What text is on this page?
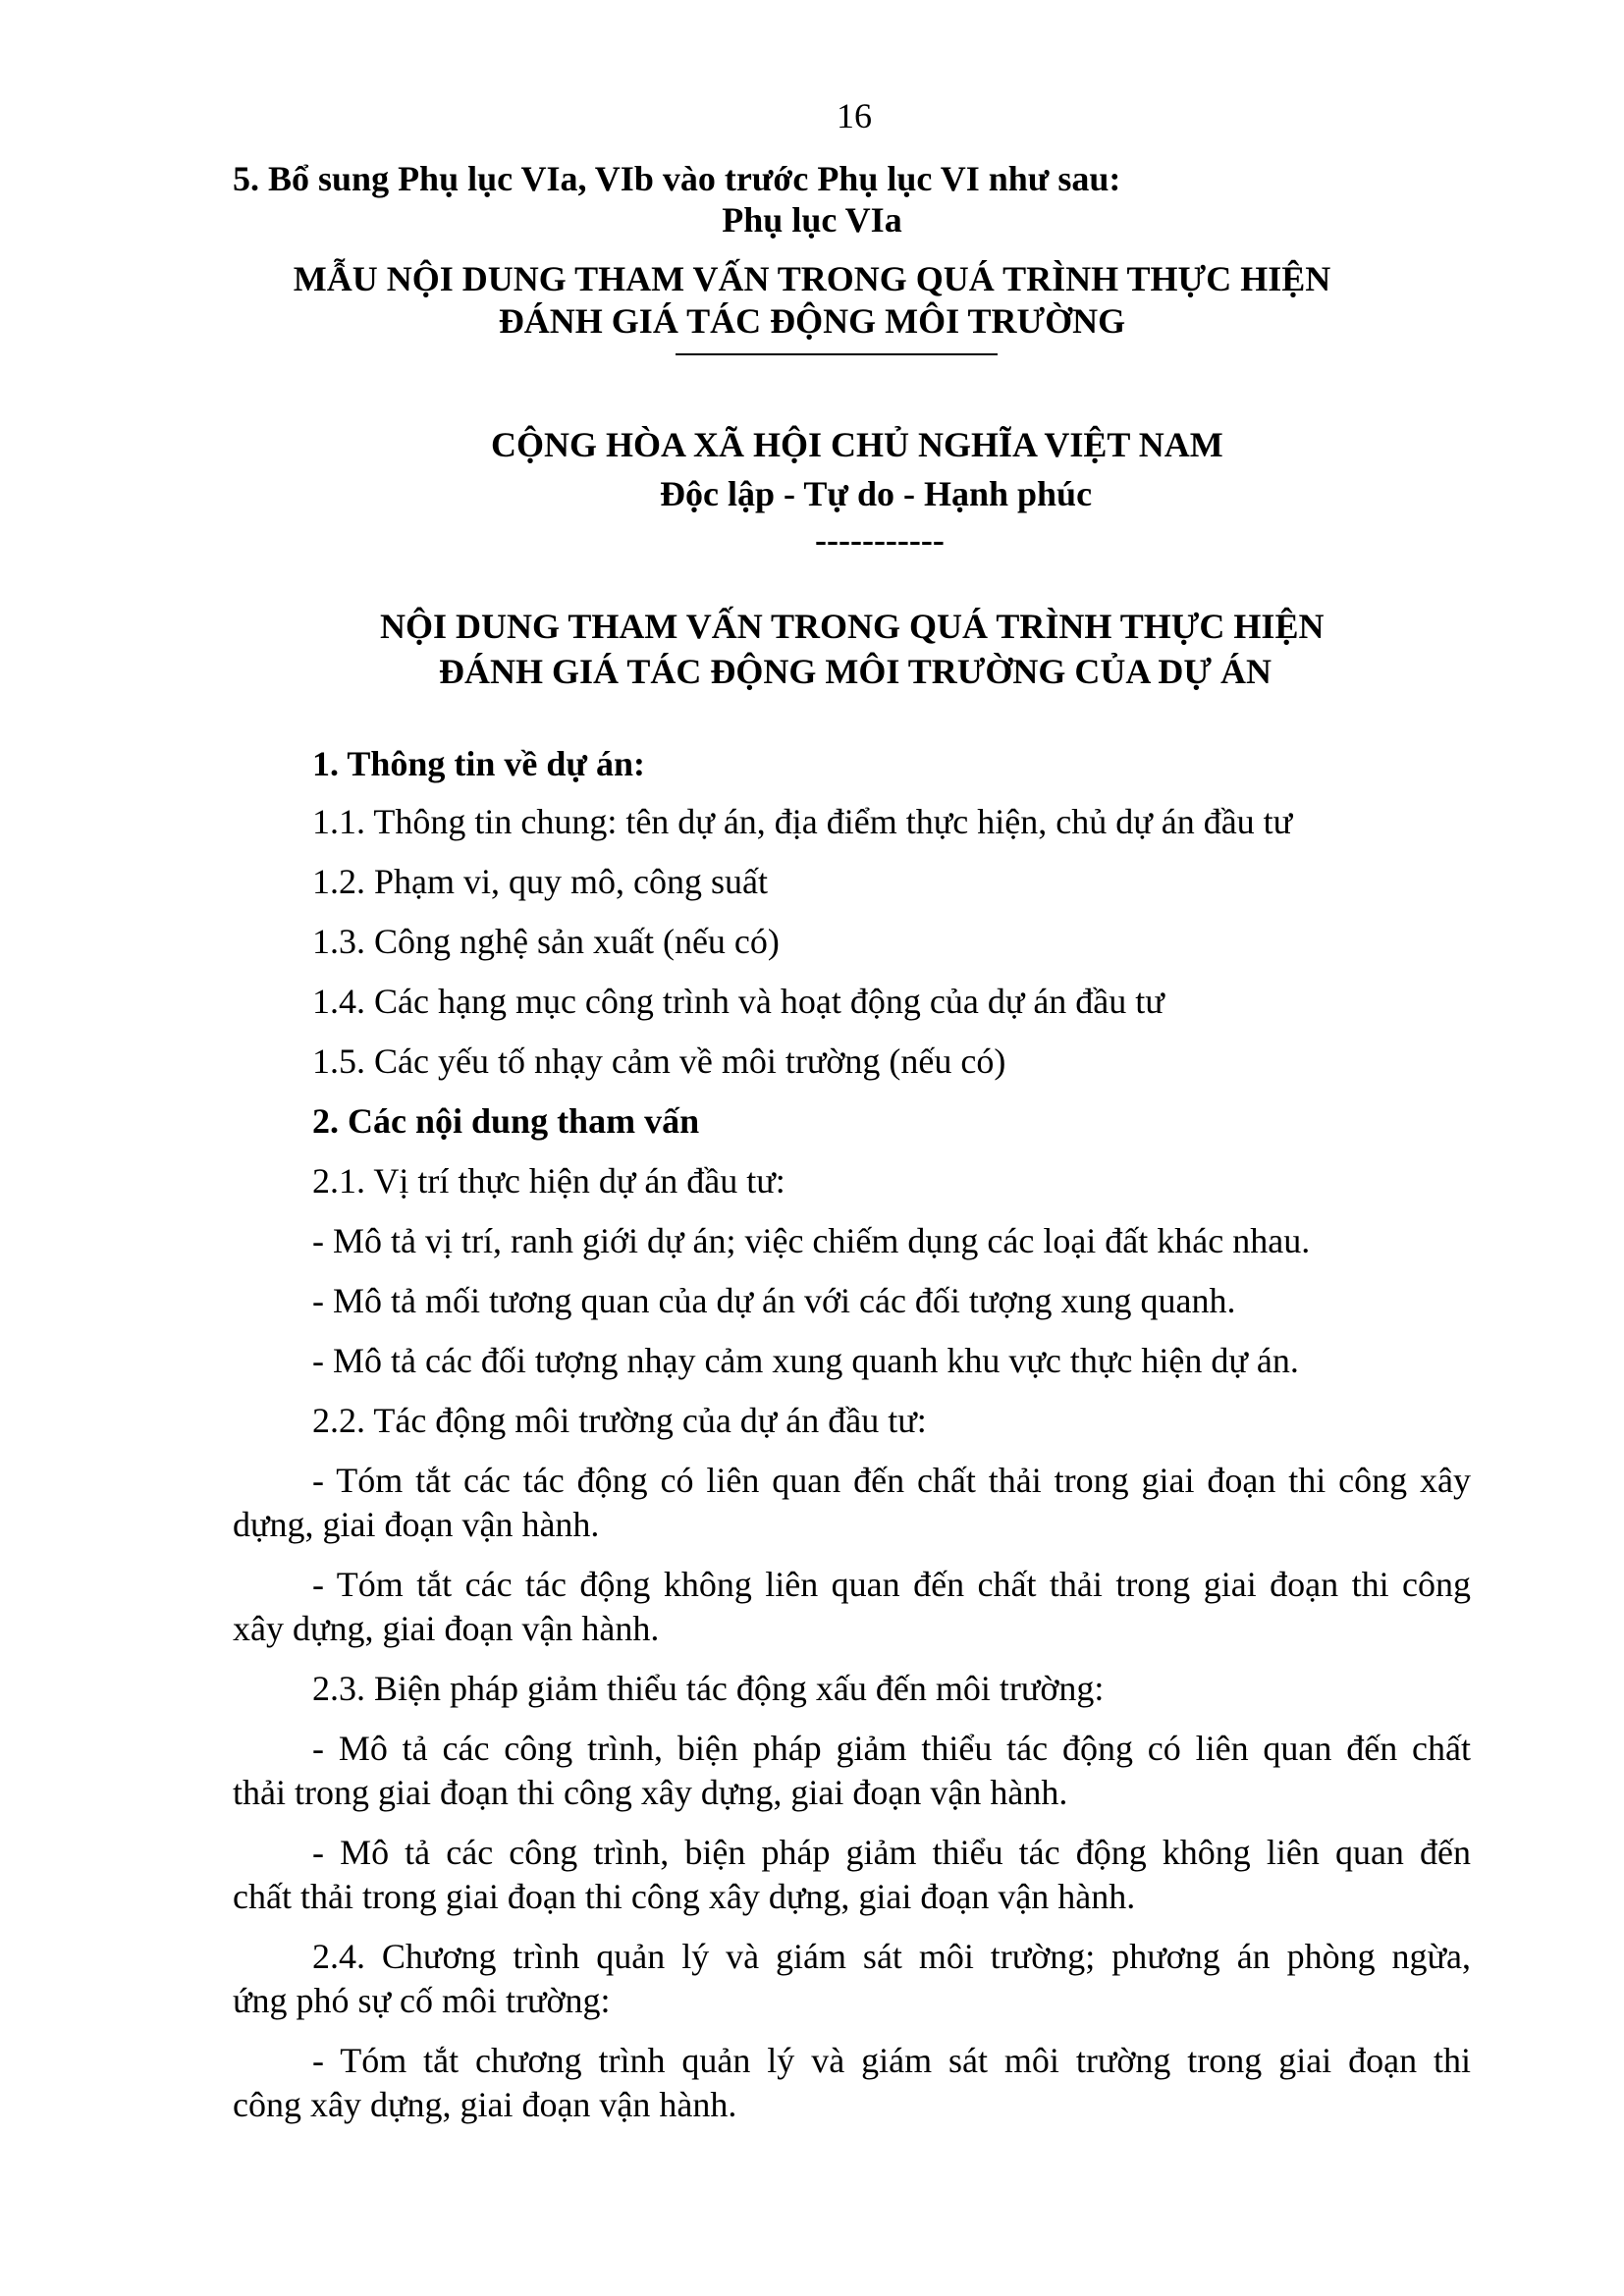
16

5. Bổ sung Phụ lục VIa, VIb vào trước Phụ lục VI như sau:

Phụ lục VIa

MẪU NỘI DUNG THAM VẤN TRONG QUÁ TRÌNH THỰC HIỆN

ĐÁNH GIÁ TÁC ĐỘNG MÔI TRƯỜNG

CỘNG HÒA XÃ HỘI CHỦ NGHĨA VIỆT NAM

Độc lập - Tự do - Hạnh phúc

-----------

NỘI DUNG THAM VẤN TRONG QUÁ TRÌNH THỰC HIỆN

ĐÁNH GIÁ TÁC ĐỘNG MÔI TRƯỜNG CỦA DỰ ÁN

1. Thông tin về dự án:

1.1. Thông tin chung: tên dự án, địa điểm thực hiện, chủ dự án đầu tư

1.2. Phạm vi, quy mô, công suất

1.3. Công nghệ sản xuất (nếu có)

1.4. Các hạng mục công trình và hoạt động của dự án đầu tư

1.5. Các yếu tố nhạy cảm về môi trường (nếu có)

2. Các nội dung tham vấn

2.1. Vị trí thực hiện dự án đầu tư:

- Mô tả vị trí, ranh giới dự án; việc chiếm dụng các loại đất khác nhau.

- Mô tả mối tương quan của dự án với các đối tượng xung quanh.

- Mô tả các đối tượng nhạy cảm xung quanh khu vực thực hiện dự án.

2.2. Tác động môi trường của dự án đầu tư:

- Tóm tắt các tác động có liên quan đến chất thải trong giai đoạn thi công xây

dựng, giai đoạn vận hành.

- Tóm tắt các tác động không liên quan đến chất thải trong giai đoạn thi công

xây dựng, giai đoạn vận hành.

2.3. Biện pháp giảm thiểu tác động xấu đến môi trường:

- Mô tả các công trình, biện pháp giảm thiểu tác động có liên quan đến chất

thải trong giai đoạn thi công xây dựng, giai đoạn vận hành.

- Mô tả các công trình, biện pháp giảm thiểu tác động không liên quan đến

chất thải trong giai đoạn thi công xây dựng, giai đoạn vận hành.

2.4. Chương trình quản lý và giám sát môi trường; phương án phòng ngừa,

ứng phó sự cố môi trường:

- Tóm tắt chương trình quản lý và giám sát môi trường trong giai đoạn thi

công xây dựng, giai đoạn vận hành.
